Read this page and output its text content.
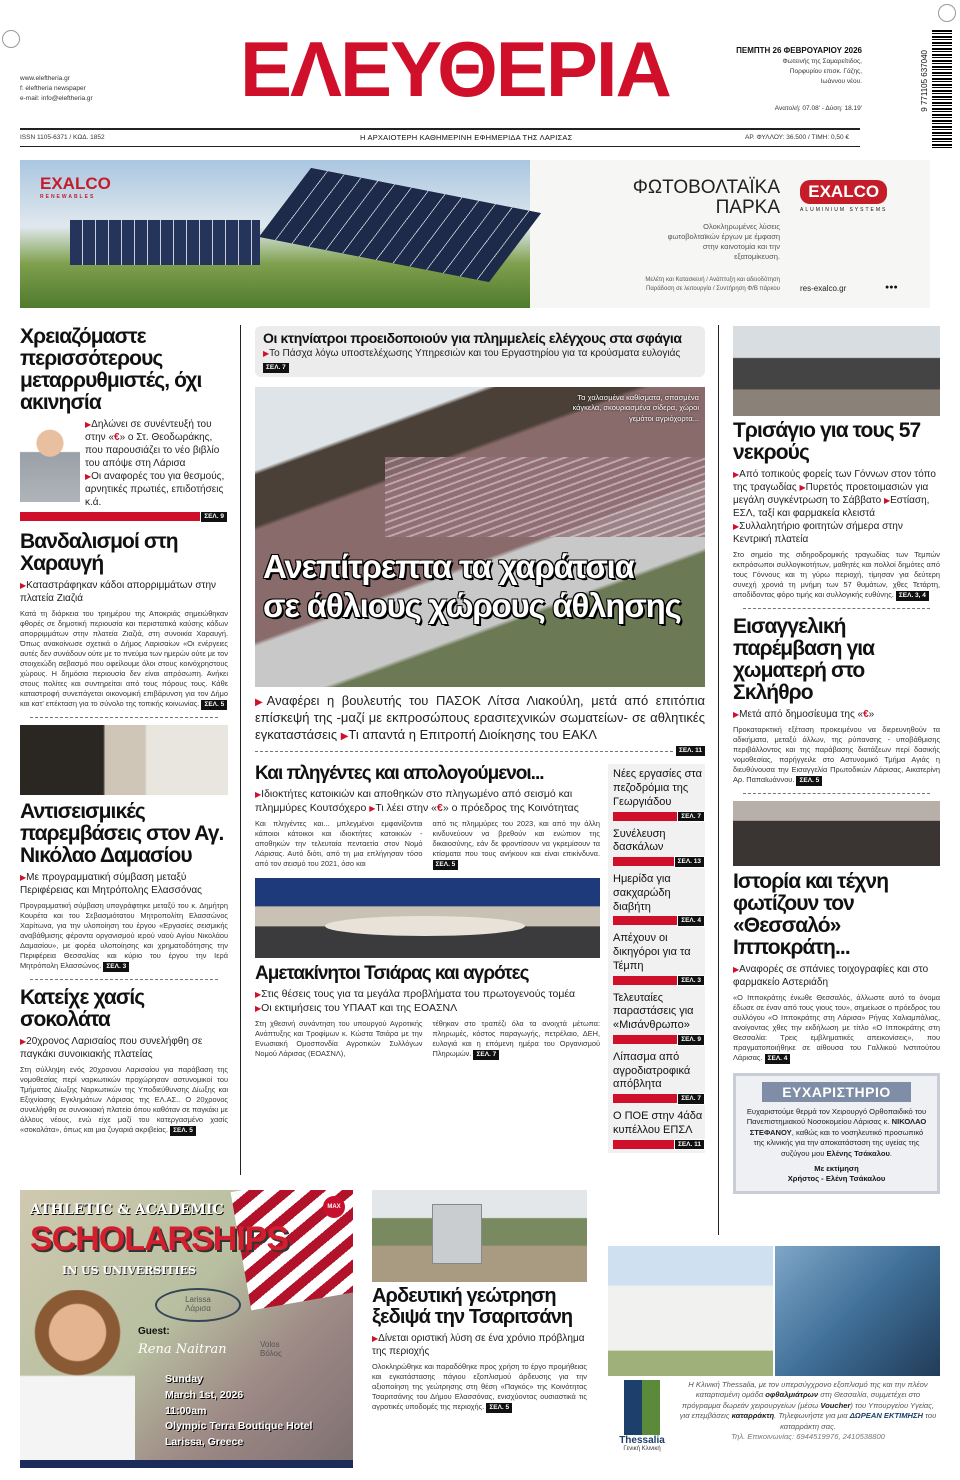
www.eleftheria.gr
f: eleftheria newspaper
e-mail: info@eleftheria.gr ΕΛΕΥΘΕΡΙΑ	ΠΕΜΠΤΗ 26 ΦΕΒΡΟΥΑΡΙΟΥ 2026
Φωτεινής της Σαμαρείτιδος, Πορφυρίου επισκ. Γάζης, Ιωάννου νέου.
Ανατολή: 07.08' - Δύση: 18.19'	9 771105 637040
ISSN 1105-6371 / ΚΩΔ. 1852	Η ΑΡΧΑΙΟΤΕΡΗ ΚΑΘΗΜΕΡΙΝΗ ΕΦΗΜΕΡΙΔΑ ΤΗΣ ΛΑΡΙΣΑΣ	ΑΡ. ΦΥΛΛΟΥ: 36.500 / ΤΙΜΗ: 0,50 €
EXALCO
RENEWABLES	ΦΩΤΟΒΟΛΤΑΪΚΑ
ΠΑΡΚΑ
Ολοκληρωμένες λύσεις φωτοβολταϊκών έργων με έμφαση στην καινοτομία και την εξατομίκευση.
Μελέτη και Κατασκευή / Ανάπτυξη και αδειοδότηση
Παράδοση σε λειτουργία / Συντήρηση Φ/Β πάρκου	res-exalco.gr	●●●
EXALCO
ALUMINIUM SYSTEMS
Χρειαζόμαστε περισσότερους μεταρρυθμιστές, όχι ακινησία
▶Δηλώνει σε συνέντευξή του στην «€» ο Στ. Θεοδωράκης, που παρουσιάζει το νέο βιβλίο του απόψε στη Λάρισα
▶Οι αναφορές του για θεσμούς, αρνητικές πρωτιές, επιδοτήσεις κ.ά.
ΣΕΛ. 9
Βανδαλισμοί στη Χαραυγή
▶Καταστράφηκαν κάδοι απορριμμάτων στην πλατεία Ζιαζιά
Κατά τη διάρκεια του τριημέρου της Αποκριάς σημειώθηκαν φθορές σε δημοτική περιουσία και περιστατικά καύσης κάδων απορριμμάτων στην πλατεία Ζιαζιά, στη συνοικία Χαραυγή. Όπως ανακοίνωσε σχετικά ο Δήμος Λαρισαίων «Οι ενέργειες αυτές δεν συνάδουν ούτε με το πνεύμα των ημερών ούτε με τον στοιχειώδη σεβασμό που οφείλουμε όλοι στους κοινόχρηστους χώρους. Η δημόσια περιουσία δεν είναι απρόσωπη. Ανήκει στους πολίτες και συντηρείται από τους πόρους τους. Κάθε καταστροφή συνεπάγεται οικονομική επιβάρυνση για τον Δήμο και κατ' επέκταση για το σύνολο της τοπικής κοινωνίας. ΣΕΛ. 5
Αντισεισμικές παρεμβάσεις στον Αγ. Νικόλαο Δαμασίου
▶Με προγραμματική σύμβαση μεταξύ Περιφέρειας και Μητρόπολης Ελασσόνας
Προγραμματική σύμβαση υπογράφτηκε μεταξύ του κ. Δημήτρη Κουρέτα και του Σεβασμιότατου Μητροπολίτη Ελασσώνος Χαρίτωνα, για την υλοποίηση του έργου «Εργασίες σεισμικής αναβάθμισης φέροντα οργανισμού ιερού ναού Αγίου Νικολάου Δαμασίου», με φορέα υλοποίησης και χρηματοδότησης την Περιφέρεια Θεσσαλίας και κύριο του έργου την Ιερά Μητρόπολη Ελασσώνος. ΣΕΛ. 3
Κατείχε χασίς σοκολάτα
▶20χρονος Λαρισαίος που συνελήφθη σε παγκάκι συνοικιακής πλατείας
Στη σύλληψη ενός 20χρονου Λαρισαίου για παράβαση της νομοθεσίας περί ναρκωτικών προχώρησαν αστυνομικοί του Τμήματος Δίωξης Ναρκωτικών της Υποδιεύθυνσης Δίωξης και Εξιχνίασης Εγκλημάτων Λάρισας της ΕΛ.ΑΣ.. Ο 20χρονος συνελήφθη σε συνοικιακή πλατεία όπου καθόταν σε παγκάκι με άλλους νέους, ενώ είχε μαζί του κατεργασμένο χασίς «σοκολάτα», όπως και μια ζυγαριά ακριβείας. ΣΕΛ. 5
Οι κτηνίατροι προειδοποιούν για πλημμελείς ελέγχους στα σφάγια
▶Το Πάσχα λόγω υποστελέχωσης Υπηρεσιών και του Εργαστηρίου για τα κρούσματα ευλογιάς ΣΕΛ. 7
Τα χαλασμένα καθίσματα, σπασμένα κάγκελα, σκουριασμένα σίδερα, χώροι γεμάτοι αγριόχορτα...
Ανεπίτρεπτα τα χαράτσια
σε άθλιους χώρους άθλησης
▶Αναφέρει η βουλευτής του ΠΑΣΟΚ Λίτσα Λιακούλη, μετά από επιτόπια επίσκεψή της -μαζί με εκπροσώπους ερασιτεχνικών σωματείων- σε αθλητικές εγκαταστάσεις ▶Τι απαντά η Επιτροπή Διοίκησης του ΕΑΚΛ
ΣΕΛ. 11
Και πληγέντες και απολογούμενοι...
▶Ιδιοκτήτες κατοικιών και αποθηκών στο πληγωμένο από σεισμό και πλημμύρες Κουτσόχερο ▶Τι λέει στην «€» ο πρόεδρος της Κοινότητας
Και πληγέντες και... μπλεγμένοι εμφανίζονται κάποιοι κάτοικοι και ιδιοκτήτες κατοικιών - αποθηκών την τελευταία πενταετία στον Νομό Λάρισας. Αυτό διότι, από τη μια επλήγησαν τόσο από τον σεισμό του 2021, όσο και
από τις πλημμύρες του 2023, και από την άλλη κινδυνεύουν να βρεθούν και ενώπιον της δικαιοσύνης, εάν δε φροντίσουν να γκρεμίσουν τα κτίσματα που τους ανήκουν και είναι επικίνδυνα. ΣΕΛ. 5
Αμετακίνητοι Τσιάρας και αγρότες
▶Στις θέσεις τους για τα μεγάλα προβλήματα του πρωτογενούς τομέα
▶Οι εκτιμήσεις του ΥΠΑΑΤ και της ΕΟΑΣΝΛ
Στη χθεσινή συνάντηση του υπουργού Αγροτικής Ανάπτυξης και Τροφίμων κ. Κώστα Τσιάρα με την Ενωσιακή Ομοσπονδία Αγροτικών Συλλόγων Νομού Λάρισας (ΕΟΑΣΝΛ),
τέθηκαν στο τραπέζι όλα τα ανοιχτά μέτωπα: πληρωμές, κόστος παραγωγής, πετρέλαιο, ΔΕΗ, ευλογιά και η επόμενη ημέρα του Οργανισμού Πληρωμών. ΣΕΛ. 7
Νέες εργασίες στα πεζοδρόμια της Γεωργιάδου
ΣΕΛ. 7
Συνέλευση δασκάλων
ΣΕΛ. 13
Ημερίδα για σακχαρώδη διαβήτη
ΣΕΛ. 4
Απέχουν οι δικηγόροι για τα Τέμπη
ΣΕΛ. 3
Τελευταίες παραστάσεις για «Μισάνθρωπο»
ΣΕΛ. 9
Λίπασμα από αγροδιατροφικά απόβλητα
ΣΕΛ. 7
Ο ΠΟΕ στην 4άδα κυπέλλου ΕΠΣΛ
ΣΕΛ. 11
Τρισάγιο για τους 57 νεκρούς
▶Από τοπικούς φορείς των Γόννων στον τόπο της τραγωδίας ▶Πυρετός προετοιμασιών για μεγάλη συγκέντρωση το Σάββατο ▶Εστίαση, ΕΣΛ, ταξί και φαρμακεία κλειστά ▶Συλλαλητήριο φοιτητών σήμερα στην Κεντρική πλατεία
Στο σημείο της σιδηροδρομικής τραγωδίας των Τεμπών εκπρόσωποι συλλογικοτήτων, μαθητές και πολλοί δημότες από τους Γόννους και τη γύρω περιοχή, τίμησαν για δεύτερη συνεχή χρονιά τη μνήμη των 57 θυμάτων, χθες Τετάρτη, αποδίδοντας φόρο τιμής και συλλογικής ευθύνης. ΣΕΛ. 3, 4
Εισαγγελική παρέμβαση για χωματερή στο Σκλήθρο
▶Μετά από δημοσίευμα της «€»
Προκαταρκτική εξέταση προκειμένου να διερευνηθούν τα αδικήματα, μεταξύ άλλων, της ρύπανσης - υποβάθμισης περιβάλλοντος και της παράβασης διατάξεων περί δασικής νομοθεσίας, παρήγγειλε στο Αστυνομικό Τμήμα Αγιάς η διευθύνουσα την Εισαγγελία Πρωτοδικών Λάρισας, Αικατερίνη Αρ. Παπαϊωάννου. ΣΕΛ. 5
Ιστορία και τέχνη φωτίζουν τον «Θεσσαλό» Ιπποκράτη...
▶Αναφορές σε σπάνιες τοιχογραφίες και στο φαρμακείο Αστεριάδη
«Ο Ιπποκράτης ένιωθε Θεσσαλός, άλλωστε αυτό το όνομα έδωσε σε έναν από τους γιους του», σημείωσε ο πρόεδρος του συλλόγου «Ο Ιπποκράτης στη Λάρισα» Ρήγας Χαλιαμπάλιας, ανοίγοντας χθες την εκδήλωση με τίτλο «Ο Ιπποκράτης στη Θεσσαλία: Τρεις εμβληματικές απεικονίσεις», που πραγματοποιήθηκε σε αίθουσα του Γαλλικού Ινστιτούτου Λάρισας. ΣΕΛ. 4
ΕΥΧΑΡΙΣΤΗΡΙΟ
Ευχαριστούμε θερμά τον Χειρουργό Ορθοπαιδικό του Πανεπιστημιακού Νοσοκομείου Λάρισας κ. ΝΙΚΟΛΑΟ ΣΤΕΦΑΝΟΥ, καθώς και το νοσηλευτικό προσωπικό της κλινικής για την αποκατάσταση της υγείας της συζύγου μου Ελένης Τσάκαλου.
Με εκτίμηση
Χρήστος - Ελένη Τσάκαλου
MAX
ATHLETIC & ACADEMIC
SCHOLARSHIPS
IN US UNIVERSITIES
Larissa
Λάρισα
Volos
Βόλος
Guest:
Rena Naitran
Sunday
March 1st, 2026
11:00am
Olympic Terra Boutique Hotel
Larissa, Greece
Αρδευτική γεώτρηση ξεδιψά την Τσαριτσάνη
▶Δίνεται οριστική λύση σε ένα χρόνιο πρόβλημα της περιοχής
Ολοκληρώθηκε και παραδόθηκε προς χρήση το έργο προμήθειας και εγκατάστασης πάγιου εξοπλισμού άρδευσης για την αξιοποίηση της γεώτρησης στη θέση «Παγκός» της Κοινότητας Τσαριτσάνης του Δήμου Ελασσόνας, ενισχύοντας ουσιαστικά τις αγροτικές υποδομές της περιοχής. ΣΕΛ. 5
Thessalia
Γενική Κλινική
Η Κλινική Thessalia, με τον υπερσύγχρονο εξοπλισμό της και την πλέον καταρτισμένη ομάδα οφθαλμιάτρων στη Θεσσαλία, συμμετέχει στο πρόγραμμα δωρεάν χειρουργείων (μέσω Voucher) του Υπουργείου Υγείας, για επεμβάσεις καταρράκτη. Τηλεφωνήστε για μια ΔΩΡΕΑΝ ΕΚΤΙΜΗΣΗ του καταρράκτη σας.
Τηλ. Επικοινωνίας: 6944519976, 2410538800
